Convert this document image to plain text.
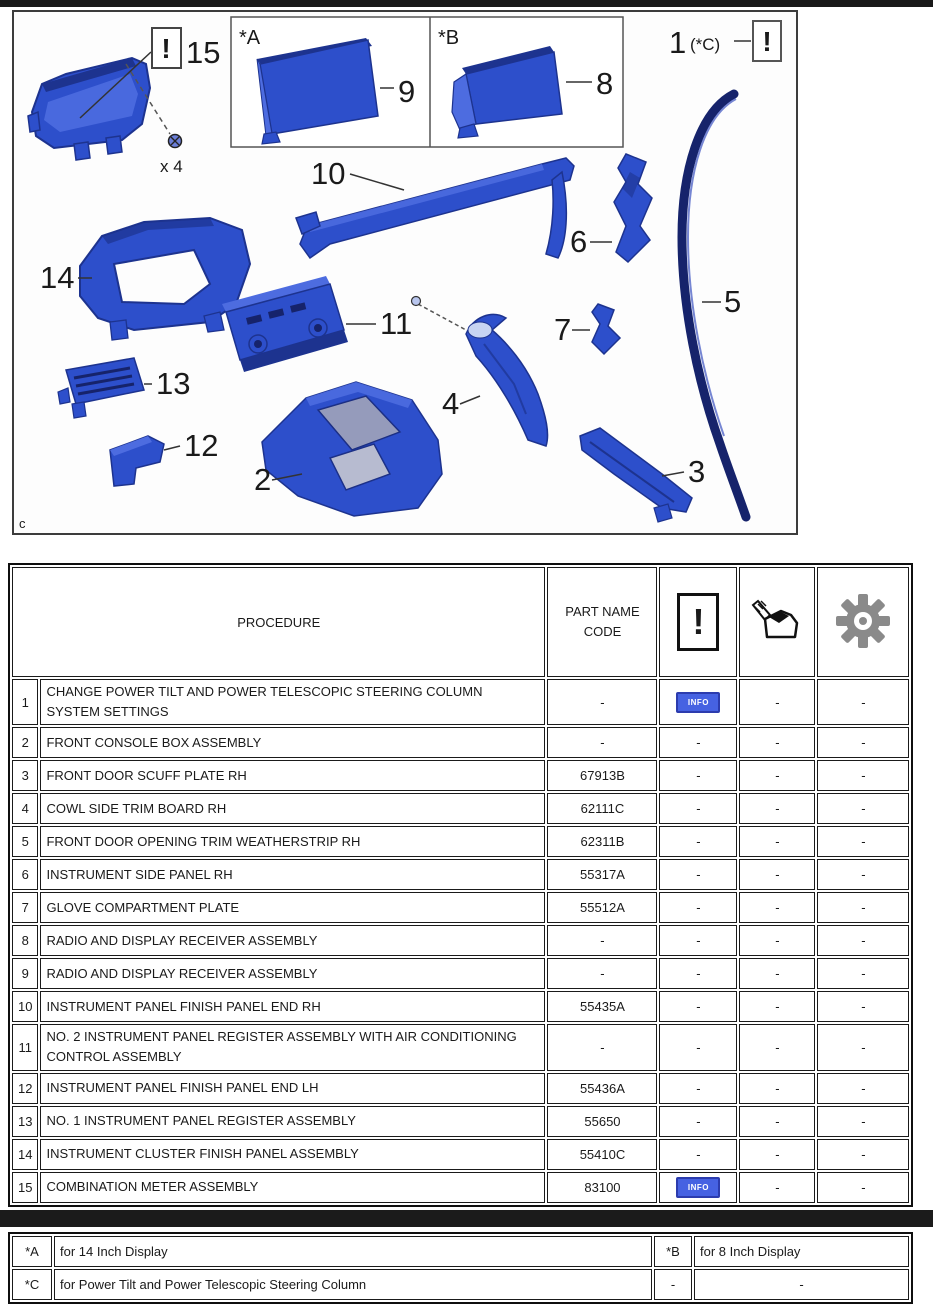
x 4
! 15 *A
9
*B
8
1 (*C) !
10
6
5
14
11	7
4
13
12
2	3
c
PROCEDURE		PART NAME CODE	!

1	CHANGE POWER TILT AND POWER TELESCOPIC STEERING COLUMN SYSTEM SETTINGS	-	INFO	-	-
2	FRONT CONSOLE BOX ASSEMBLY	-	-	-	-
3	FRONT DOOR SCUFF PLATE RH	67913B	-	-	-
4	COWL SIDE TRIM BOARD RH	62111C	-	-	-
5	FRONT DOOR OPENING TRIM WEATHERSTRIP RH	62311B	-	-	-
6	INSTRUMENT SIDE PANEL RH	55317A	-	-	-
7	GLOVE COMPARTMENT PLATE	55512A	-	-	-
8	RADIO AND DISPLAY RECEIVER ASSEMBLY	-	-	-	-
9	RADIO AND DISPLAY RECEIVER ASSEMBLY	-	-	-	-
10	INSTRUMENT PANEL FINISH PANEL END RH	55435A	-	-	-
11	NO. 2 INSTRUMENT PANEL REGISTER ASSEMBLY WITH AIR CONDITIONING CONTROL ASSEMBLY	-	-	-	-
12	INSTRUMENT PANEL FINISH PANEL END LH	55436A	-	-	-
13	NO. 1 INSTRUMENT PANEL REGISTER ASSEMBLY	55650	-	-	-
14	INSTRUMENT CLUSTER FINISH PANEL ASSEMBLY	55410C	-	-	-
15	COMBINATION METER ASSEMBLY	83100	INFO	-	-
*A	for 14 Inch Display	*B	for 8 Inch Display
*C	for Power Tilt and Power Telescopic Steering Column	-	-
